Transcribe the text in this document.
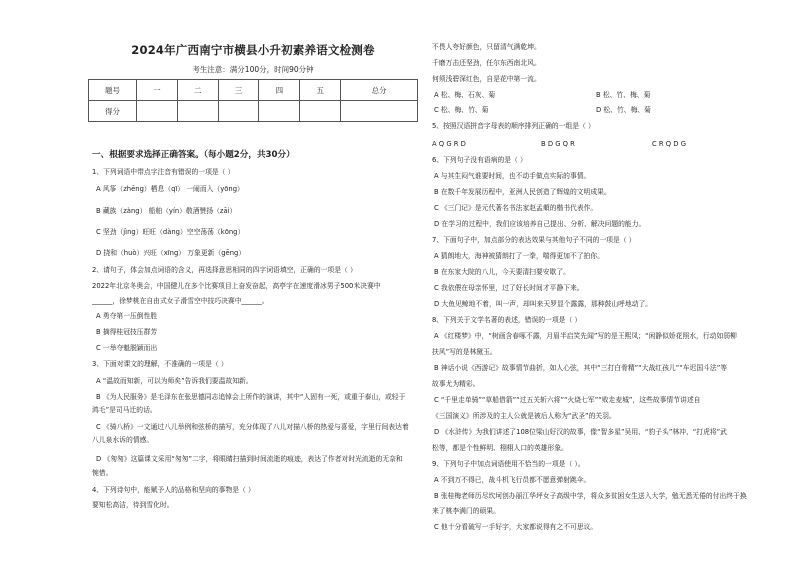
2024年广西南宁市横县小升初素养语文检测卷
考生注意：满分100分，时间90分钟
题号	一	二	三	四	五	总分
得分						
一、根据要求选择正确答案。（每小题2分，共30分）
1、下列词语中带点字注音有错误的一项是（ ）
A 风筝（zhēng）栖息（qī） 一闹而入（yōng）
B 藏族（zàng） 船舶（yín）敬酒赞扬（zāi）
C 坚劲（jìng）旺旺（dàng）空空荡荡（kōng）
D 挠和（huò）兴旺（xīng） 万象更新（gēng）
2、请句子，体会加点词语的含义，再选择意思相同的四字词语填空，正确的一项是（ ）
2022年北京冬奥会，中国健儿在多个比赛项目上奋发奋起，高亭宇在速度滑冰男子500米决赛中
______，徐梦桃在自由式女子滑雪空中技巧决赛中______。
A 勇夺第一压倒性胜
B 摘得桂冠技压群芳
C 一举夺魁脱颖而出
3、下面对课文的理解，不准确的一项是（ ）
A “温故而知新，可以为师矣”告诉我们要温故知新。
B 《为人民服务》是毛泽东在张思德同志追悼会上所作的演讲，其中“人固有一死，或重于泰山，或轻于
鸿毛”是司马迁的话。
C 《骑八桥》一文通过八儿举例和弦桥的描写，充分体现了八儿对描八桥的热爱与喜爱，字里行间表达着
八儿泉水诉的情感。
D 《匆匆》这篇课文采用“匆匆”二字，将眼睛扫描到时间流逝的痕迹，表达了作者对时光流逝的无奈和
惋惜。
4、下列诗句中，能赋予人的品格和坚向的事物是（ ）
要知松高洁，待到雪化时。
不畏人夸好颜色，只留清气满乾坤。
千磨万击还坚劲，任尔东西南北风。
何须浅碧深红色，自是花中第一流。
A 松、梅、石灰、菊	B 松、竹、梅、菊
C 松、梅、竹、菊	D 松、竹、梅、菊
5、按照汉语拼音字母表的顺序排列正确的一组是（ ）
A Q G R D	B D G Q R	C R Q D G
6、下列句子没有语病的是（ ）
A 与其生闷气谁要时间，也不动手做点实际的事情。
B 在数千年发展历程中，亚洲人民创造了辉煌的文明成果。
C 《三门记》是元代著名书法家赵孟頫的楷书代表作。
D 在学习的过程中，我们应该培养自己提出、分析、解决问题的能力。
7、下面句子中，加点部分的表达效果与其他句子不同的一项是（ ）
A 猜朗地大，海神被猜朗打了一拳，喘得更加不了拍你。
B 在东家大院的八儿，今天要清扫要安歇了。
C 我依偎在母亲怀里，过了好长时间才平静下来。
D 大鱼见鲸地不着，叫一声，却叫来天罗显个露露，那种鼓山呼地动了。
8、下列关于文学名著的表述，错误的一项是（ ）
A 《红楼梦》中，“树画含春啄不露，月眉半启笑先闻”写的是王熙凤；“闲静似娇花照水，行动如弱柳
扶风”写的是林黛玉。
B 神话小说《西游记》故事情节曲折，如人心弦，其中“三打白骨精”“大战红孩儿”“车迟国斗法”等
故事尤为精彩。
C “千里走单骑”“草船借箭”“过五关斩六将”“火烧七军”“败走麦城”，这些故事情节讲述自
《三国演义》所涉及的主人公就是被后人称为“武圣”的关羽。
D 《水浒传》为我们讲述了108位梁山好汉的故事，像“智多星”吴用、“豹子头”林冲、“打虎将”武
松等，都是个性鲜明、栩栩人口的英雄形象。
9、下列句子中加点词语使用不恰当的一项是（ ）。
A 不到万不得已，战斗机飞行员都不愿意弹射跳伞。
B 张桂梅老师历尽坎坷创办丽江华坪女子高级中学，将众多贫困女生送入大学，勉无悉无倦的付出终于换
来了桃李满门的硕果。
C 他十分看破写一手好字，大家都说得有之不可思议。
